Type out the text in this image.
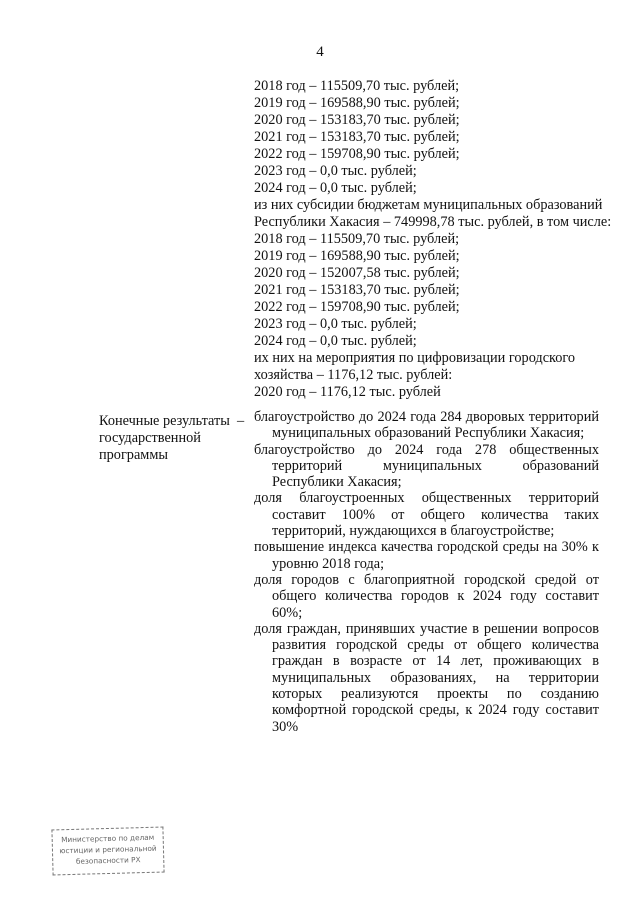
4
2018 год – 115509,70 тыс. рублей;
2019 год – 169588,90 тыс. рублей;
2020 год – 153183,70 тыс. рублей;
2021 год – 153183,70 тыс. рублей;
2022 год – 159708,90 тыс. рублей;
2023 год – 0,0 тыс. рублей;
2024 год – 0,0 тыс. рублей;
из них субсидии бюджетам муниципальных образований
Республики Хакасия – 749998,78 тыс. рублей, в том числе:
2018 год – 115509,70 тыс. рублей;
2019 год – 169588,90 тыс. рублей;
2020 год – 152007,58 тыс. рублей;
2021 год – 153183,70 тыс. рублей;
2022 год – 159708,90 тыс. рублей;
2023 год – 0,0 тыс. рублей;
2024 год – 0,0 тыс. рублей;
их них на мероприятия по цифровизации городского
хозяйства – 1176,12 тыс. рублей:
2020 год – 1176,12 тыс. рублей
Конечные результаты
государственной
программы
– благоустройство до 2024 года 284 дворовых территорий муниципальных образований Республики Хакасия;

благоустройство до 2024 года 278 общественных территорий муниципальных образований Республики Хакасия;

доля благоустроенных общественных территорий составит 100% от общего количества таких территорий, нуждающихся в благоустройстве;

повышение индекса качества городской среды на 30% к уровню 2018 года;

доля городов с благоприятной городской средой от общего количества городов к 2024 году составит 60%;

доля граждан, принявших участие в решении вопросов развития городской среды от общего количества граждан в возрасте от 14 лет, проживающих в муниципальных образованиях, на территории которых реализуются проекты по созданию комфортной городской среды, к 2024 году составит 30%

Министерство по делам
юстиции и региональной
безопасности РХ
